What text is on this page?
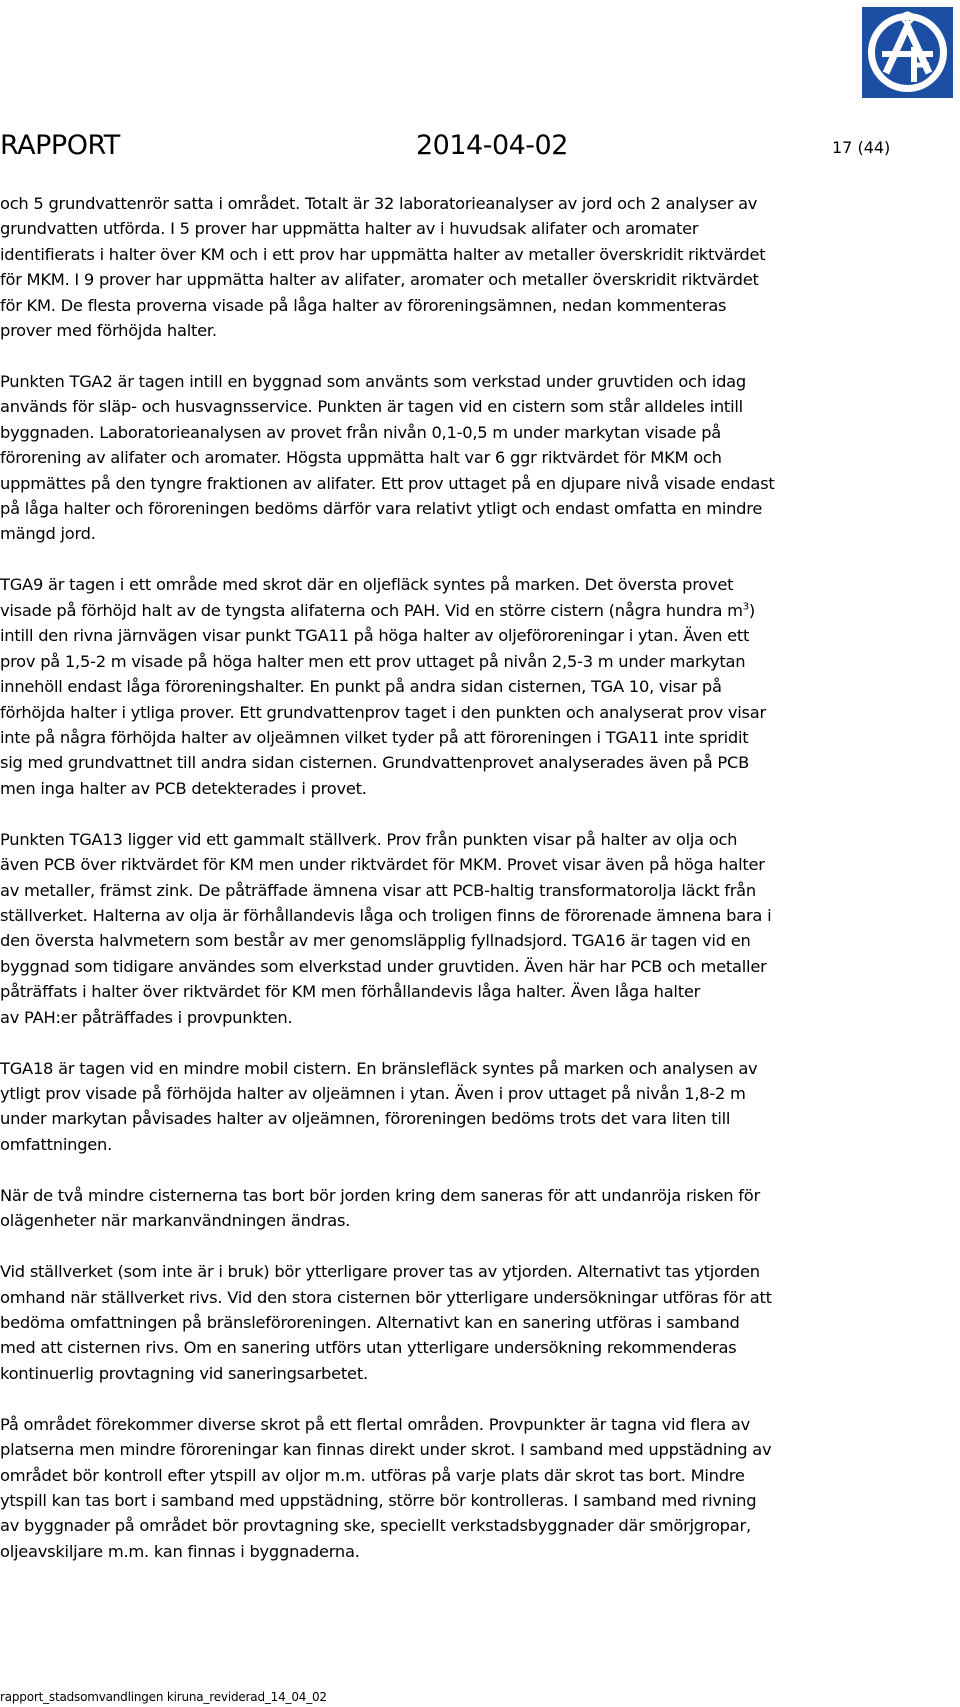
RAPPORT	2014-04-02	17 (44)

och 5 grundvattenrör satta i området. Totalt är 32 laboratorieanalyser av jord och 2 analyser av
grundvatten utförda. I 5 prover har uppmätta halter av i huvudsak alifater och aromater
identifierats i halter över KM och i ett prov har uppmätta halter av metaller överskridit riktvärdet
för MKM. I 9 prover har uppmätta halter av alifater, aromater och metaller överskridit riktvärdet
för KM. De flesta proverna visade på låga halter av föroreningsämnen, nedan kommenteras
prover med förhöjda halter.

Punkten TGA2 är tagen intill en byggnad som använts som verkstad under gruvtiden och idag
används för släp- och husvagnsservice. Punkten är tagen vid en cistern som står alldeles intill
byggnaden. Laboratorieanalysen av provet från nivån 0,1-0,5 m under markytan visade på
förorening av alifater och aromater. Högsta uppmätta halt var 6 ggr riktvärdet för MKM och
uppmättes på den tyngre fraktionen av alifater. Ett prov uttaget på en djupare nivå visade endast
på låga halter och föroreningen bedöms därför vara relativt ytligt och endast omfatta en mindre
mängd jord.

TGA9 är tagen i ett område med skrot där en oljefläck syntes på marken. Det översta provet
visade på förhöjd halt av de tyngsta alifaterna och PAH. Vid en större cistern (några hundra $m^3$)
intill den rivna järnvägen visar punkt TGA11 på höga halter av oljeföroreningar i ytan. Även ett
prov på 1,5-2 m visade på höga halter men ett prov uttaget på nivån 2,5-3 m under markytan
innehöll endast låga föroreningshalter. En punkt på andra sidan cisternen, TGA 10, visar på
förhöjda halter i ytliga prover. Ett grundvattenprov taget i den punkten och analyserat prov visar
inte på några förhöjda halter av oljeämnen vilket tyder på att föroreningen i TGA11 inte spridit
sig med grundvattnet till andra sidan cisternen. Grundvattenprovet analyserades även på PCB
men inga halter av PCB detekterades i provet.

Punkten TGA13 ligger vid ett gammalt ställverk. Prov från punkten visar på halter av olja och
även PCB över riktvärdet för KM men under riktvärdet för MKM. Provet visar även på höga halter
av metaller, främst zink. De påträffade ämnena visar att PCB-haltig transformatorolja läckt från
ställverket. Halterna av olja är förhållandevis låga och troligen finns de förorenade ämnena bara i
den översta halvmetern som består av mer genomsläpplig fyllnadsjord. TGA16 är tagen vid en
byggnad som tidigare användes som elverkstad under gruvtiden. Även här har PCB och metaller
påträffats i halter över riktvärdet för KM men förhållandevis låga halter. Även låga halter
av PAH:er påträffades i provpunkten.

TGA18 är tagen vid en mindre mobil cistern. En bränslefläck syntes på marken och analysen av
ytligt prov visade på förhöjda halter av oljeämnen i ytan. Även i prov uttaget på nivån 1,8-2 m
under markytan påvisades halter av oljeämnen, föroreningen bedöms trots det vara liten till
omfattningen.

När de två mindre cisternerna tas bort bör jorden kring dem saneras för att undanröja risken för
olägenheter när markanvändningen ändras.

Vid ställverket (som inte är i bruk) bör ytterligare prover tas av ytjorden. Alternativt tas ytjorden
omhand när ställverket rivs. Vid den stora cisternen bör ytterligare undersökningar utföras för att
bedöma omfattningen på bränsleföroreningen. Alternativt kan en sanering utföras i samband
med att cisternen rivs. Om en sanering utförs utan ytterligare undersökning rekommenderas
kontinuerlig provtagning vid saneringsarbetet.

På området förekommer diverse skrot på ett flertal områden. Provpunkter är tagna vid flera av
platserna men mindre föroreningar kan finnas direkt under skrot. I samband med uppstädning av
området bör kontroll efter ytspill av oljor m.m. utföras på varje plats där skrot tas bort. Mindre
ytspill kan tas bort i samband med uppstädning, större bör kontrolleras. I samband med rivning
av byggnader på området bör provtagning ske, speciellt verkstadsbyggnader där smörjgropar,
oljeavskiljare m.m. kan finnas i byggnaderna.

rapport_stadsomvandlingen kiruna_reviderad_14_04_02
